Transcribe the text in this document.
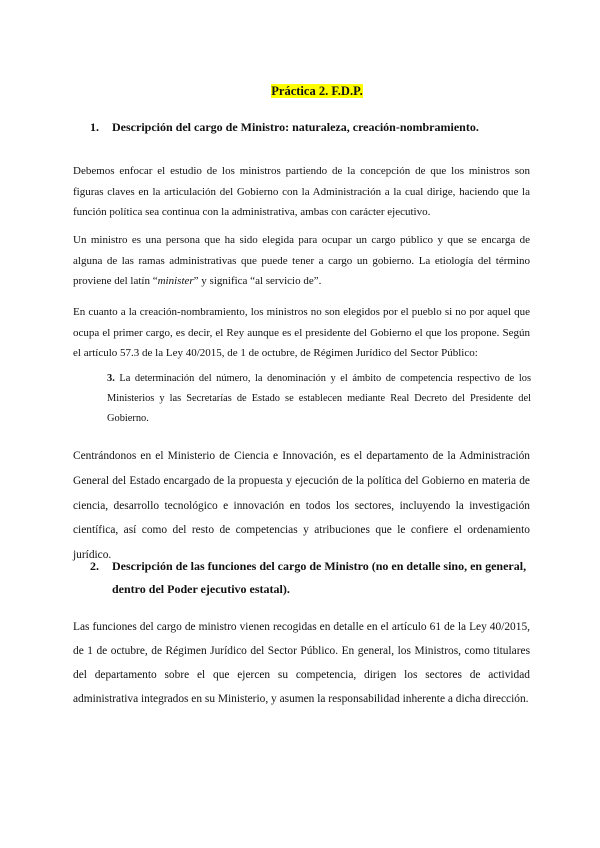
Práctica 2. F.D.P.
1. Descripción del cargo de Ministro: naturaleza, creación-nombramiento.

Debemos enfocar el estudio de los ministros partiendo de la concepción de que los ministros son figuras claves en la articulación del Gobierno con la Administración a la cual dirige, haciendo que la función política sea continua con la administrativa, ambas con carácter ejecutivo.

Un ministro es una persona que ha sido elegida para ocupar un cargo público y que se encarga de alguna de las ramas administrativas que puede tener a cargo un gobierno. La etiología del término proviene del latín “minister” y significa “al servicio de”.

En cuanto a la creación-nombramiento, los ministros no son elegidos por el pueblo si no por aquel que ocupa el primer cargo, es decir, el Rey aunque es el presidente del Gobierno el que los propone. Según el artículo 57.3 de la Ley 40/2015, de 1 de octubre, de Régimen Jurídico del Sector Público:

3. La determinación del número, la denominación y el ámbito de competencia respectivo de los Ministerios y las Secretarías de Estado se establecen mediante Real Decreto del Presidente del Gobierno.

Centrándonos en el Ministerio de Ciencia e Innovación, es el departamento de la Administración General del Estado encargado de la propuesta y ejecución de la política del Gobierno en materia de ciencia, desarrollo tecnológico e innovación en todos los sectores, incluyendo la investigación científica, así como del resto de competencias y atribuciones que le confiere el ordenamiento jurídico.

2. Descripción de las funciones del cargo de Ministro (no en detalle sino, en general, dentro del Poder ejecutivo estatal).

Las funciones del cargo de ministro vienen recogidas en detalle en el artículo 61 de la Ley 40/2015, de 1 de octubre, de Régimen Jurídico del Sector Público. En general, los Ministros, como titulares del departamento sobre el que ejercen su competencia, dirigen los sectores de actividad administrativa integrados en su Ministerio, y asumen la responsabilidad inherente a dicha dirección.
